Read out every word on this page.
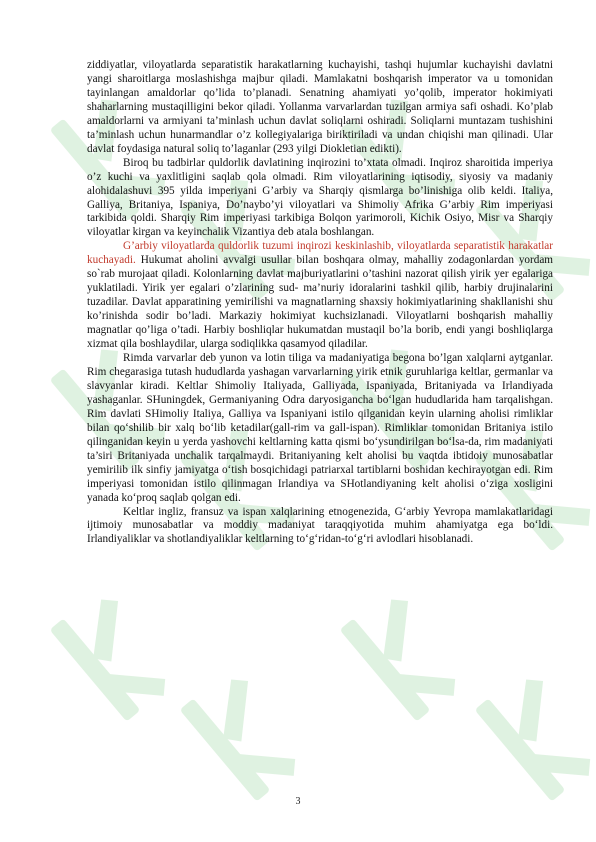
ziddiyatlar, viloyatlarda separatistik harakatlarning kuchayishi, tashqi hujumlar kuchayishi davlatni yangi sharoitlarga moslashishga majbur qiladi. Mamlakatni boshqarish imperator va u tomonidan tayinlangan amaldorlar qo’lida to’planadi. Senatning ahamiyati yo’qolib, imperator hokimiyati shaharlarning mustaqilligini bekor qiladi. Yollanma varvarlardan tuzilgan armiya safi oshadi. Ko’plab amaldorlarni va armiyani ta’minlash uchun davlat soliqlarni oshiradi. Soliqlarni muntazam tushishini ta’minlash uchun hunarmandlar o’z kollegiyalariga biriktiriladi va undan chiqishi man qilinadi. Ular davlat foydasiga natural soliq to’laganlar (293 yilgi Diokletian edikti).

Biroq bu tadbirlar quldorlik davlatining inqirozini to’xtata olmadi. Inqiroz sharoitida imperiya o’z kuchi va yaxlitligini saqlab qola olmadi. Rim viloyatlarining iqtisodiy, siyosiy va madaniy alohidalashuvi 395 yilda imperiyani G’arbiy va Sharqiy qismlarga bo’linishiga olib keldi. Italiya, Galliya, Britaniya, Ispaniya, Do’naybo’yi viloyatlari va Shimoliy Afrika G’arbiy Rim imperiyasi tarkibida qoldi. Sharqiy Rim imperiyasi tarkibiga Bolqon yarimoroli, Kichik Osiyo, Misr va Sharqiy viloyatlar kirgan va keyinchalik Vizantiya deb atala boshlangan.

G’arbiy viloyatlarda quldorlik tuzumi inqirozi keskinlashib, viloyatlarda separatistik harakatlar kuchayadi. Hukumat aholini avvalgi usullar bilan boshqara olmay, mahalliy zodagonlardan yordam so`rab murojaat qiladi. Kolonlarning davlat majburiyatlarini o’tashini nazorat qilish yirik yer egalariga yuklatiladi. Yirik yer egalari o’zlarining sud- ma’nuriy idoralarini tashkil qilib, harbiy drujinalarini tuzadilar. Davlat apparatining yemirilishi va magnatlarning shaxsiy hokimiyatlarining shakllanishi shu ko’rinishda sodir bo’ladi. Markaziy hokimiyat kuchsizlanadi. Viloyatlarni boshqarish mahalliy magnatlar qo’liga o’tadi. Harbiy boshliqlar hukumatdan mustaqil bo’la borib, endi yangi boshliqlarga xizmat qila boshlaydilar, ularga sodiqlikka qasamyod qiladilar.

Rimda varvarlar deb yunon va lotin tiliga va madaniyatiga begona bo’lgan xalqlarni aytganlar. Rim chegarasiga tutash hududlarda yashagan varvarlarning yirik etnik guruhlariga keltlar, germanlar va slavyanlar kiradi. Keltlar Shimoliy Italiyada, Galliyada, Ispaniyada, Britaniyada va Irlandiyada yashaganlar. SHuningdek, Germaniyaning Odra daryosigancha bo‘lgan hududlarida ham tarqalishgan. Rim davlati SHimoliy Italiya, Galliya va Ispaniyani istilo qilganidan keyin ularning aholisi rimliklar bilan qo‘shilib bir xalq bo‘lib ketadilar(gall-rim va gall-ispan). Rimliklar tomonidan Britaniya istilo qilinganidan keyin u yerda yashovchi keltlarning katta qismi bo‘ysundirilgan bo‘lsa-da, rim madaniyati ta’siri Britaniyada unchalik tarqalmaydi. Britaniyaning kelt aholisi bu vaqtda ibtidoiy munosabatlar yemirilib ilk sinfiy jamiyatga o‘tish bosqichidagi patriarxal tartiblarni boshidan kechirayotgan edi. Rim imperiyasi tomonidan istilo qilinmagan Irlandiya va SHotlandiyaning kelt aholisi o‘ziga xosligini yanada ko‘proq saqlab qolgan edi.

Keltlar ingliz, fransuz va ispan xalqlarining etnogenezida, G‘arbiy Yevropa mamlakatlaridagi ijtimoiy munosabatlar va moddiy madaniyat taraqqiyotida muhim ahamiyatga ega bo‘ldi. Irlandiyaliklar va shotlandiyaliklar keltlarning to‘g‘ridan-to‘g‘ri avlodlari hisoblanadi.

3
